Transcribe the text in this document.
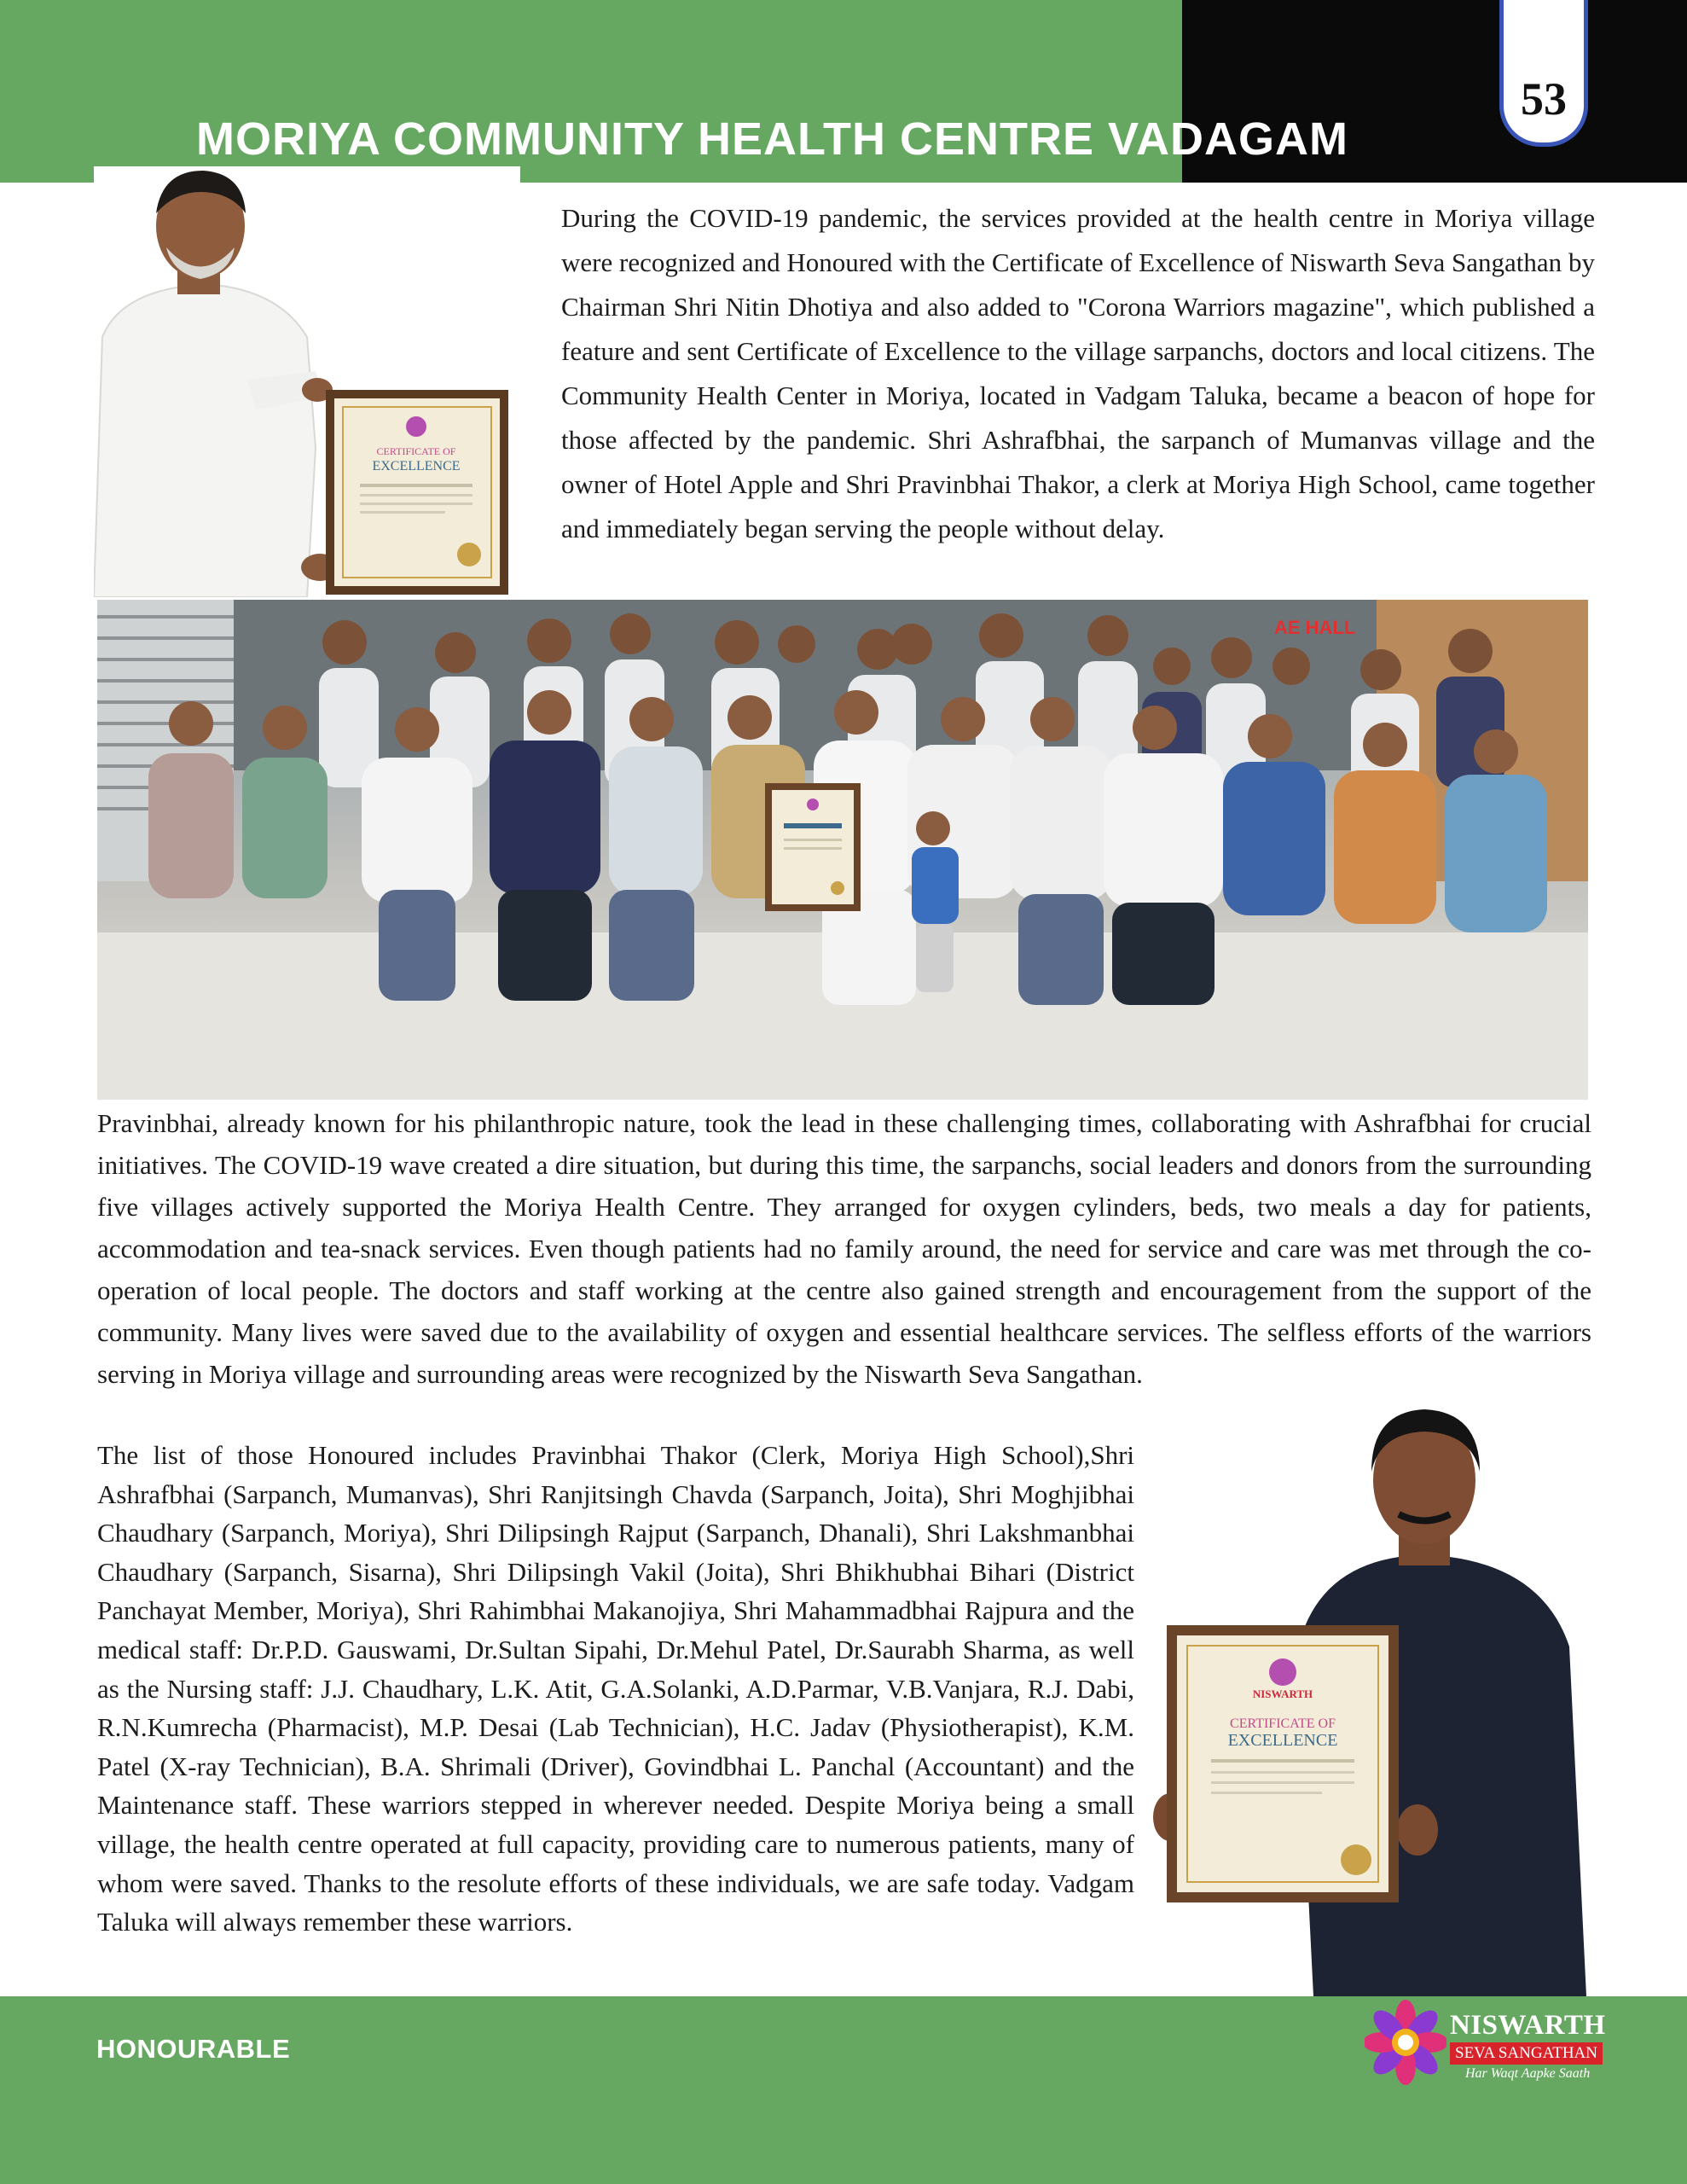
MORIYA COMMUNITY HEALTH CENTRE VADAGAM
53
CERTIFICATE OF
EXCELLENCE

During the COVID-19 pandemic, the services provided at the health centre in Moriya village were recognized and Honoured with the Certificate of Excellence of Niswarth Seva Sangathan by Chairman Shri Nitin Dhotiya and also added to "Corona Warriors magazine", which published a feature and sent Certificate of Excellence to the village sarpanchs, doctors and local citizens. The Community Health Center in Moriya, located in Vadgam Taluka, became a beacon of hope for those affected by the pandemic. Shri Ashrafbhai, the sarpanch of Mumanvas village and the owner of Hotel Apple and Shri Pravinbhai Thakor, a clerk at Moriya High School, came together and immediately began serving the people without delay.

AE HALL

Pravinbhai, already known for his philanthropic nature, took the lead in these challenging times, collaborating with Ashrafbhai for crucial initiatives. The COVID-19 wave created a dire situation, but during this time, the sarpanchs, social leaders and donors from the surrounding five villages actively supported the Moriya Health Centre. They arranged for oxygen cylinders, beds, two meals a day for patients, accommodation and tea-snack services. Even though patients had no family around, the need for service and care was met through the co-operation of local people. The doctors and staff working at the centre also gained strength and encouragement from the support of the community. Many lives were saved due to the availability of oxygen and essential healthcare services. The selfless efforts of the warriors serving in Moriya village and surrounding areas were recognized by the Niswarth Seva Sangathan.

The list of those Honoured includes Pravinbhai Thakor (Clerk, Moriya High School),Shri Ashrafbhai (Sarpanch, Mumanvas), Shri Ranjitsingh Chavda (Sarpanch, Joita), Shri Moghjibhai Chaudhary (Sarpanch, Moriya), Shri Dilipsingh Rajput (Sarpanch, Dhanali), Shri Lakshmanbhai Chaudhary (Sarpanch, Sisarna), Shri Dilipsingh Vakil (Joita), Shri Bhikhubhai Bihari (District Panchayat Member, Moriya), Shri Rahimbhai Makanojiya, Shri Mahammadbhai Rajpura and the medical staff: Dr.P.D. Gauswami, Dr.Sultan Sipahi, Dr.Mehul Patel, Dr.Saurabh Sharma, as well as the Nursing staff: J.J. Chaudhary, L.K. Atit, G.A.Solanki, A.D.Parmar, V.B.Vanjara, R.J. Dabi, R.N.Kumrecha (Pharmacist), M.P. Desai (Lab Technician), H.C. Jadav (Physiotherapist), K.M. Patel (X-ray Technician), B.A. Shrimali (Driver), Govindbhai L. Panchal (Accountant) and the Maintenance staff. These warriors stepped in wherever needed. Despite Moriya being a small village, the health centre operated at full capacity, providing care to numerous patients, many of whom were saved. Thanks to the resolute efforts of these individuals, we are safe today. Vadgam Taluka will always remember these warriors.

NISWARTH
CERTIFICATE OF
EXCELLENCE
HONOURABLE
NISWARTH
SEVA SANGATHAN
Har Waqt Aapke Saath
